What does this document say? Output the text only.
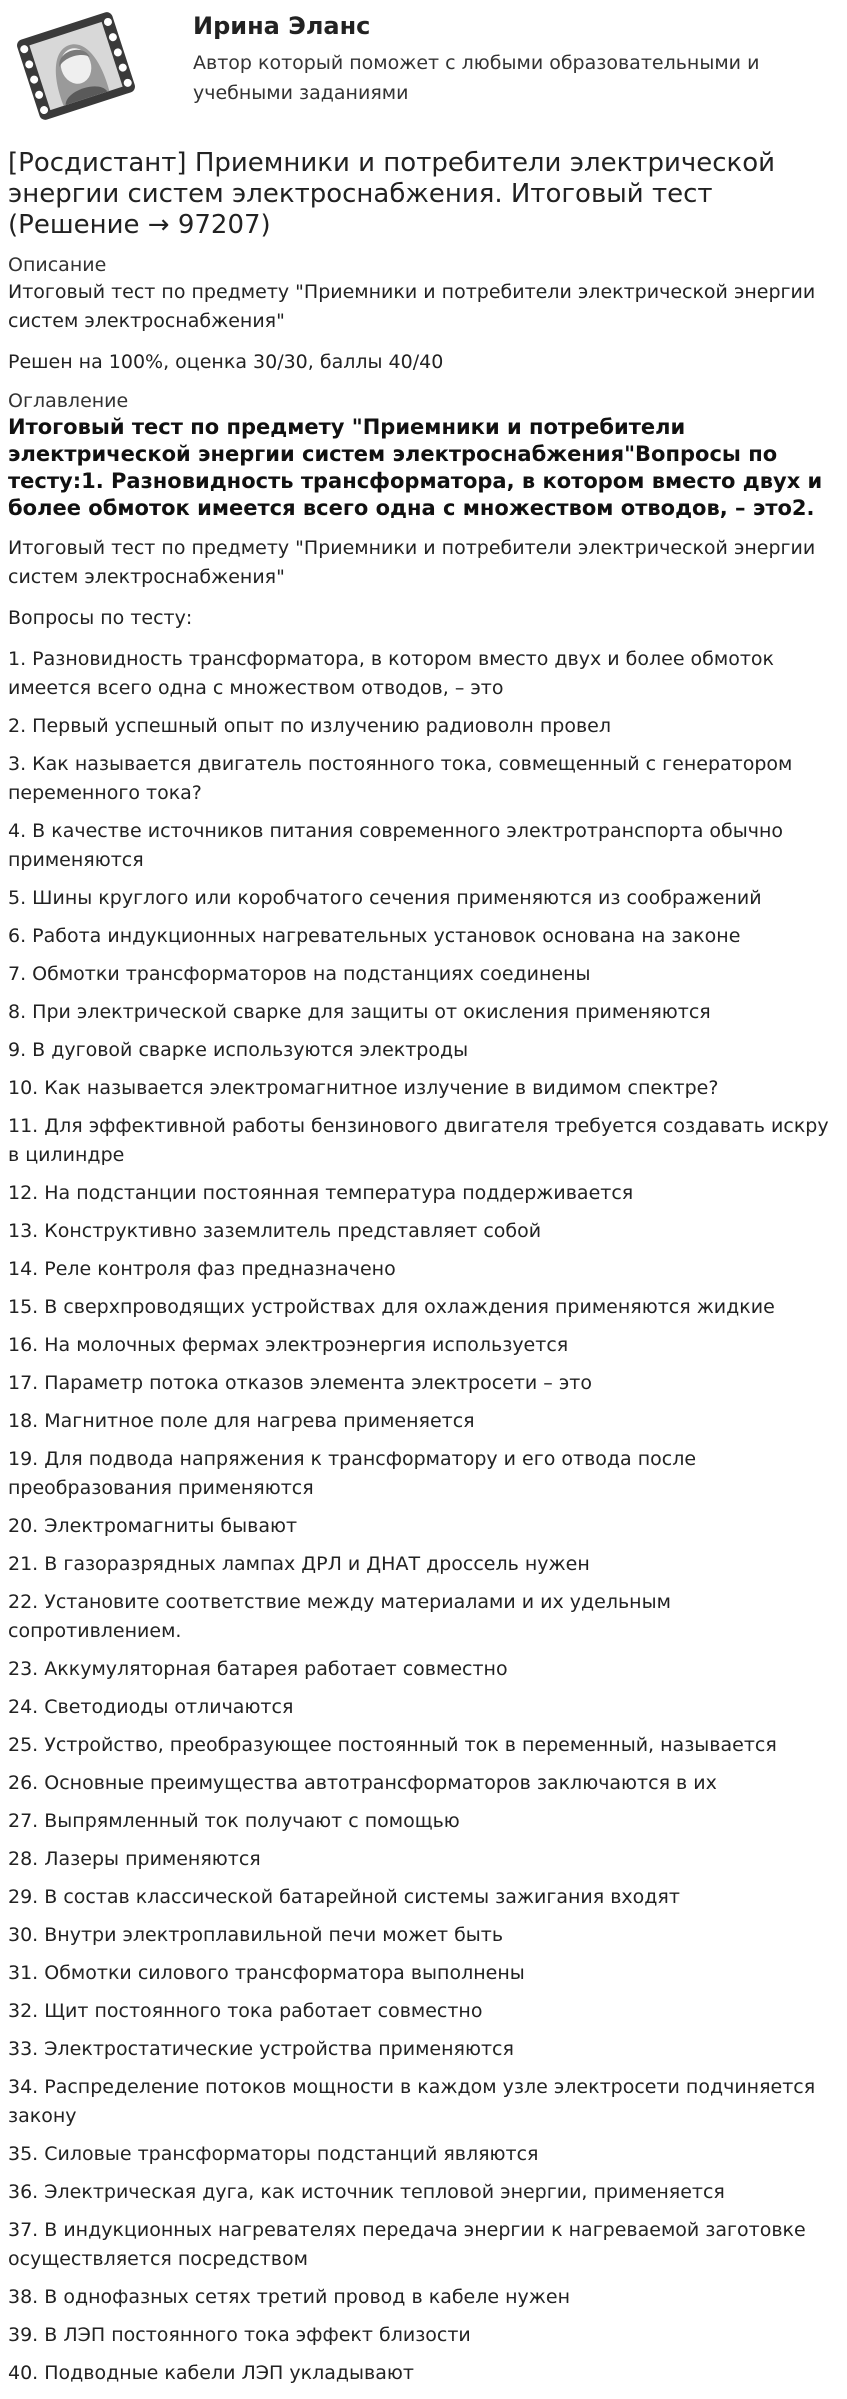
Ирина Эланс
Автор который поможет с любыми образовательными и учебными заданиями
[Росдистант] Приемники и потребители электрической энергии систем электроснабжения. Итоговый тест (Решение → 97207)

Описание

Итоговый тест по предмету "Приемники и потребители электрической энергии систем электроснабжения"

Решен на 100%, оценка 30/30, баллы 40/40

Оглавление

Итоговый тест по предмету "Приемники и потребители электрической энергии систем электроснабжения"Вопросы по тесту:1. Разновидность трансформатора, в котором вместо двух и более обмоток имеется всего одна с множеством отводов, – это2.

Итоговый тест по предмету "Приемники и потребители электрической энергии систем электроснабжения"

Вопросы по тесту:

1. Разновидность трансформатора, в котором вместо двух и более обмоток имеется всего одна с множеством отводов, – это
2. Первый успешный опыт по излучению радиоволн провел
3. Как называется двигатель постоянного тока, совмещенный с генератором переменного тока?
4. В качестве источников питания современного электротранспорта обычно применяются
5. Шины круглого или коробчатого сечения применяются из соображений
6. Работа индукционных нагревательных установок основана на законе
7. Обмотки трансформаторов на подстанциях соединены
8. При электрической сварке для защиты от окисления применяются
9. В дуговой сварке используются электроды
10. Как называется электромагнитное излучение в видимом спектре?
11. Для эффективной работы бензинового двигателя требуется создавать искру в цилиндре
12. На подстанции постоянная температура поддерживается
13. Конструктивно заземлитель представляет собой
14. Реле контроля фаз предназначено
15. В сверхпроводящих устройствах для охлаждения применяются жидкие
16. На молочных фермах электроэнергия используется
17. Параметр потока отказов элемента электросети – это
18. Магнитное поле для нагрева применяется
19. Для подвода напряжения к трансформатору и его отвода после преобразования применяются
20. Электромагниты бывают
21. В газоразрядных лампах ДРЛ и ДНАТ дроссель нужен
22. Установите соответствие между материалами и их удельным сопротивлением.
23. Аккумуляторная батарея работает совместно
24. Светодиоды отличаются
25. Устройство, преобразующее постоянный ток в переменный, называется
26. Основные преимущества автотрансформаторов заключаются в их
27. Выпрямленный ток получают с помощью
28. Лазеры применяются
29. В состав классической батарейной системы зажигания входят
30. Внутри электроплавильной печи может быть
31. Обмотки силового трансформатора выполнены
32. Щит постоянного тока работает совместно
33. Электростатические устройства применяются
34. Распределение потоков мощности в каждом узле электросети подчиняется закону
35. Силовые трансформаторы подстанций являются
36. Электрическая дуга, как источник тепловой энергии, применяется
37. В индукционных нагревателях передача энергии к нагреваемой заготовке осуществляется посредством
38. В однофазных сетях третий провод в кабеле нужен
39. В ЛЭП постоянного тока эффект близости
40. Подводные кабели ЛЭП укладывают
